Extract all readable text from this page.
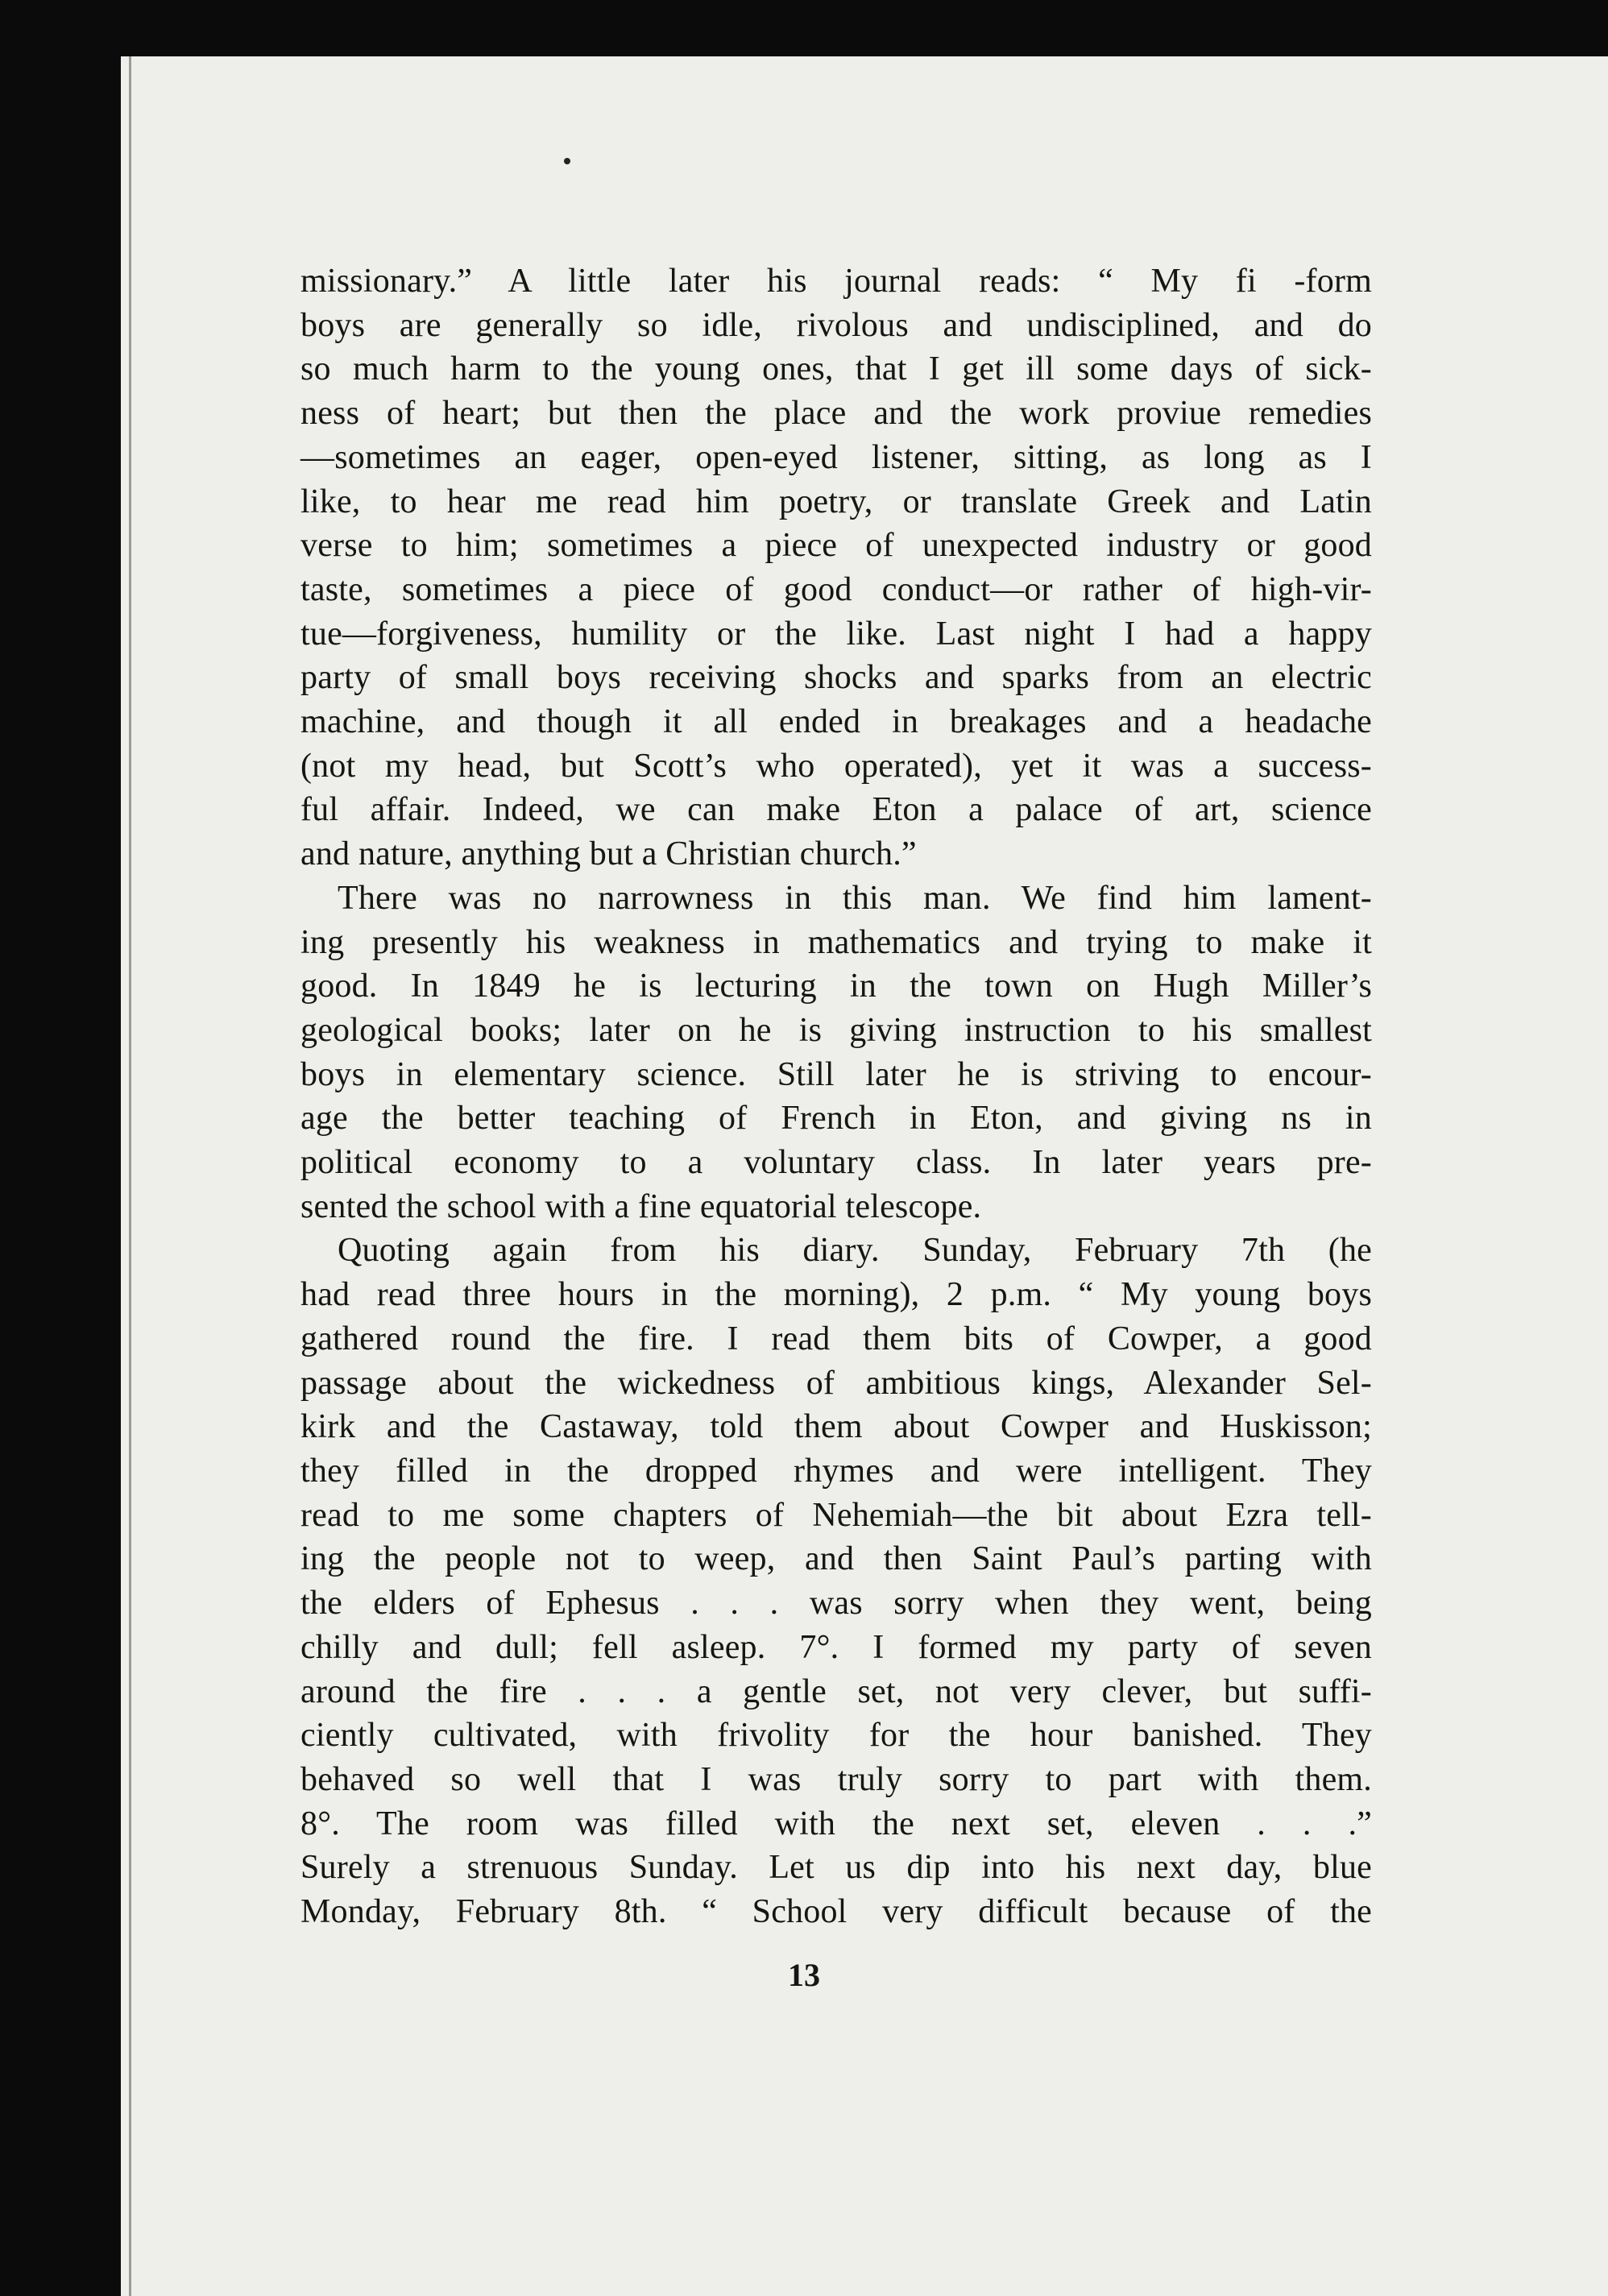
missionary.” A little later his journal reads: “ My fi -form
boys are generally so idle, rivolous and undisciplined, and do
so much harm to the young ones, that I get ill some days of sick-
ness of heart; but then the place and the work proviue remedies
—sometimes an eager, open-eyed listener, sitting, as long as I
like, to hear me read him poetry, or translate Greek and Latin
verse to him; sometimes a piece of unexpected industry or good
taste, sometimes a piece of good conduct—or rather of high-vir-
tue—forgiveness, humility or the like. Last night I had a happy
party of small boys receiving shocks and sparks from an electric
machine, and though it all ended in breakages and a headache
(not my head, but Scott’s who operated), yet it was a success-
ful affair. Indeed, we can make Eton a palace of art, science
and nature, anything but a Christian church.”
There was no narrowness in this man. We find him lament-
ing presently his weakness in mathematics and trying to make it
good. In 1849 he is lecturing in the town on Hugh Miller’s
geological books; later on he is giving instruction to his smallest
boys in elementary science. Still later he is striving to encour-
age the better teaching of French in Eton, and giving ns in
political economy to a voluntary class. In later years pre-
sented the school with a fine equatorial telescope.
Quoting again from his diary. Sunday, February 7th (he
had read three hours in the morning), 2 p.m. “ My young boys
gathered round the fire. I read them bits of Cowper, a good
passage about the wickedness of ambitious kings, Alexander Sel-
kirk and the Castaway, told them about Cowper and Huskisson;
they filled in the dropped rhymes and were intelligent. They
read to me some chapters of Nehemiah—the bit about Ezra tell-
ing the people not to weep, and then Saint Paul’s parting with
the elders of Ephesus . . . was sorry when they went, being
chilly and dull; fell asleep. 7°. I formed my party of seven
around the fire . . . a gentle set, not very clever, but suffi-
ciently cultivated, with frivolity for the hour banished. They
behaved so well that I was truly sorry to part with them.
8°. The room was filled with the next set, eleven . . .”
Surely a strenuous Sunday. Let us dip into his next day, blue
Monday, February 8th. “ School very difficult because of the
13
